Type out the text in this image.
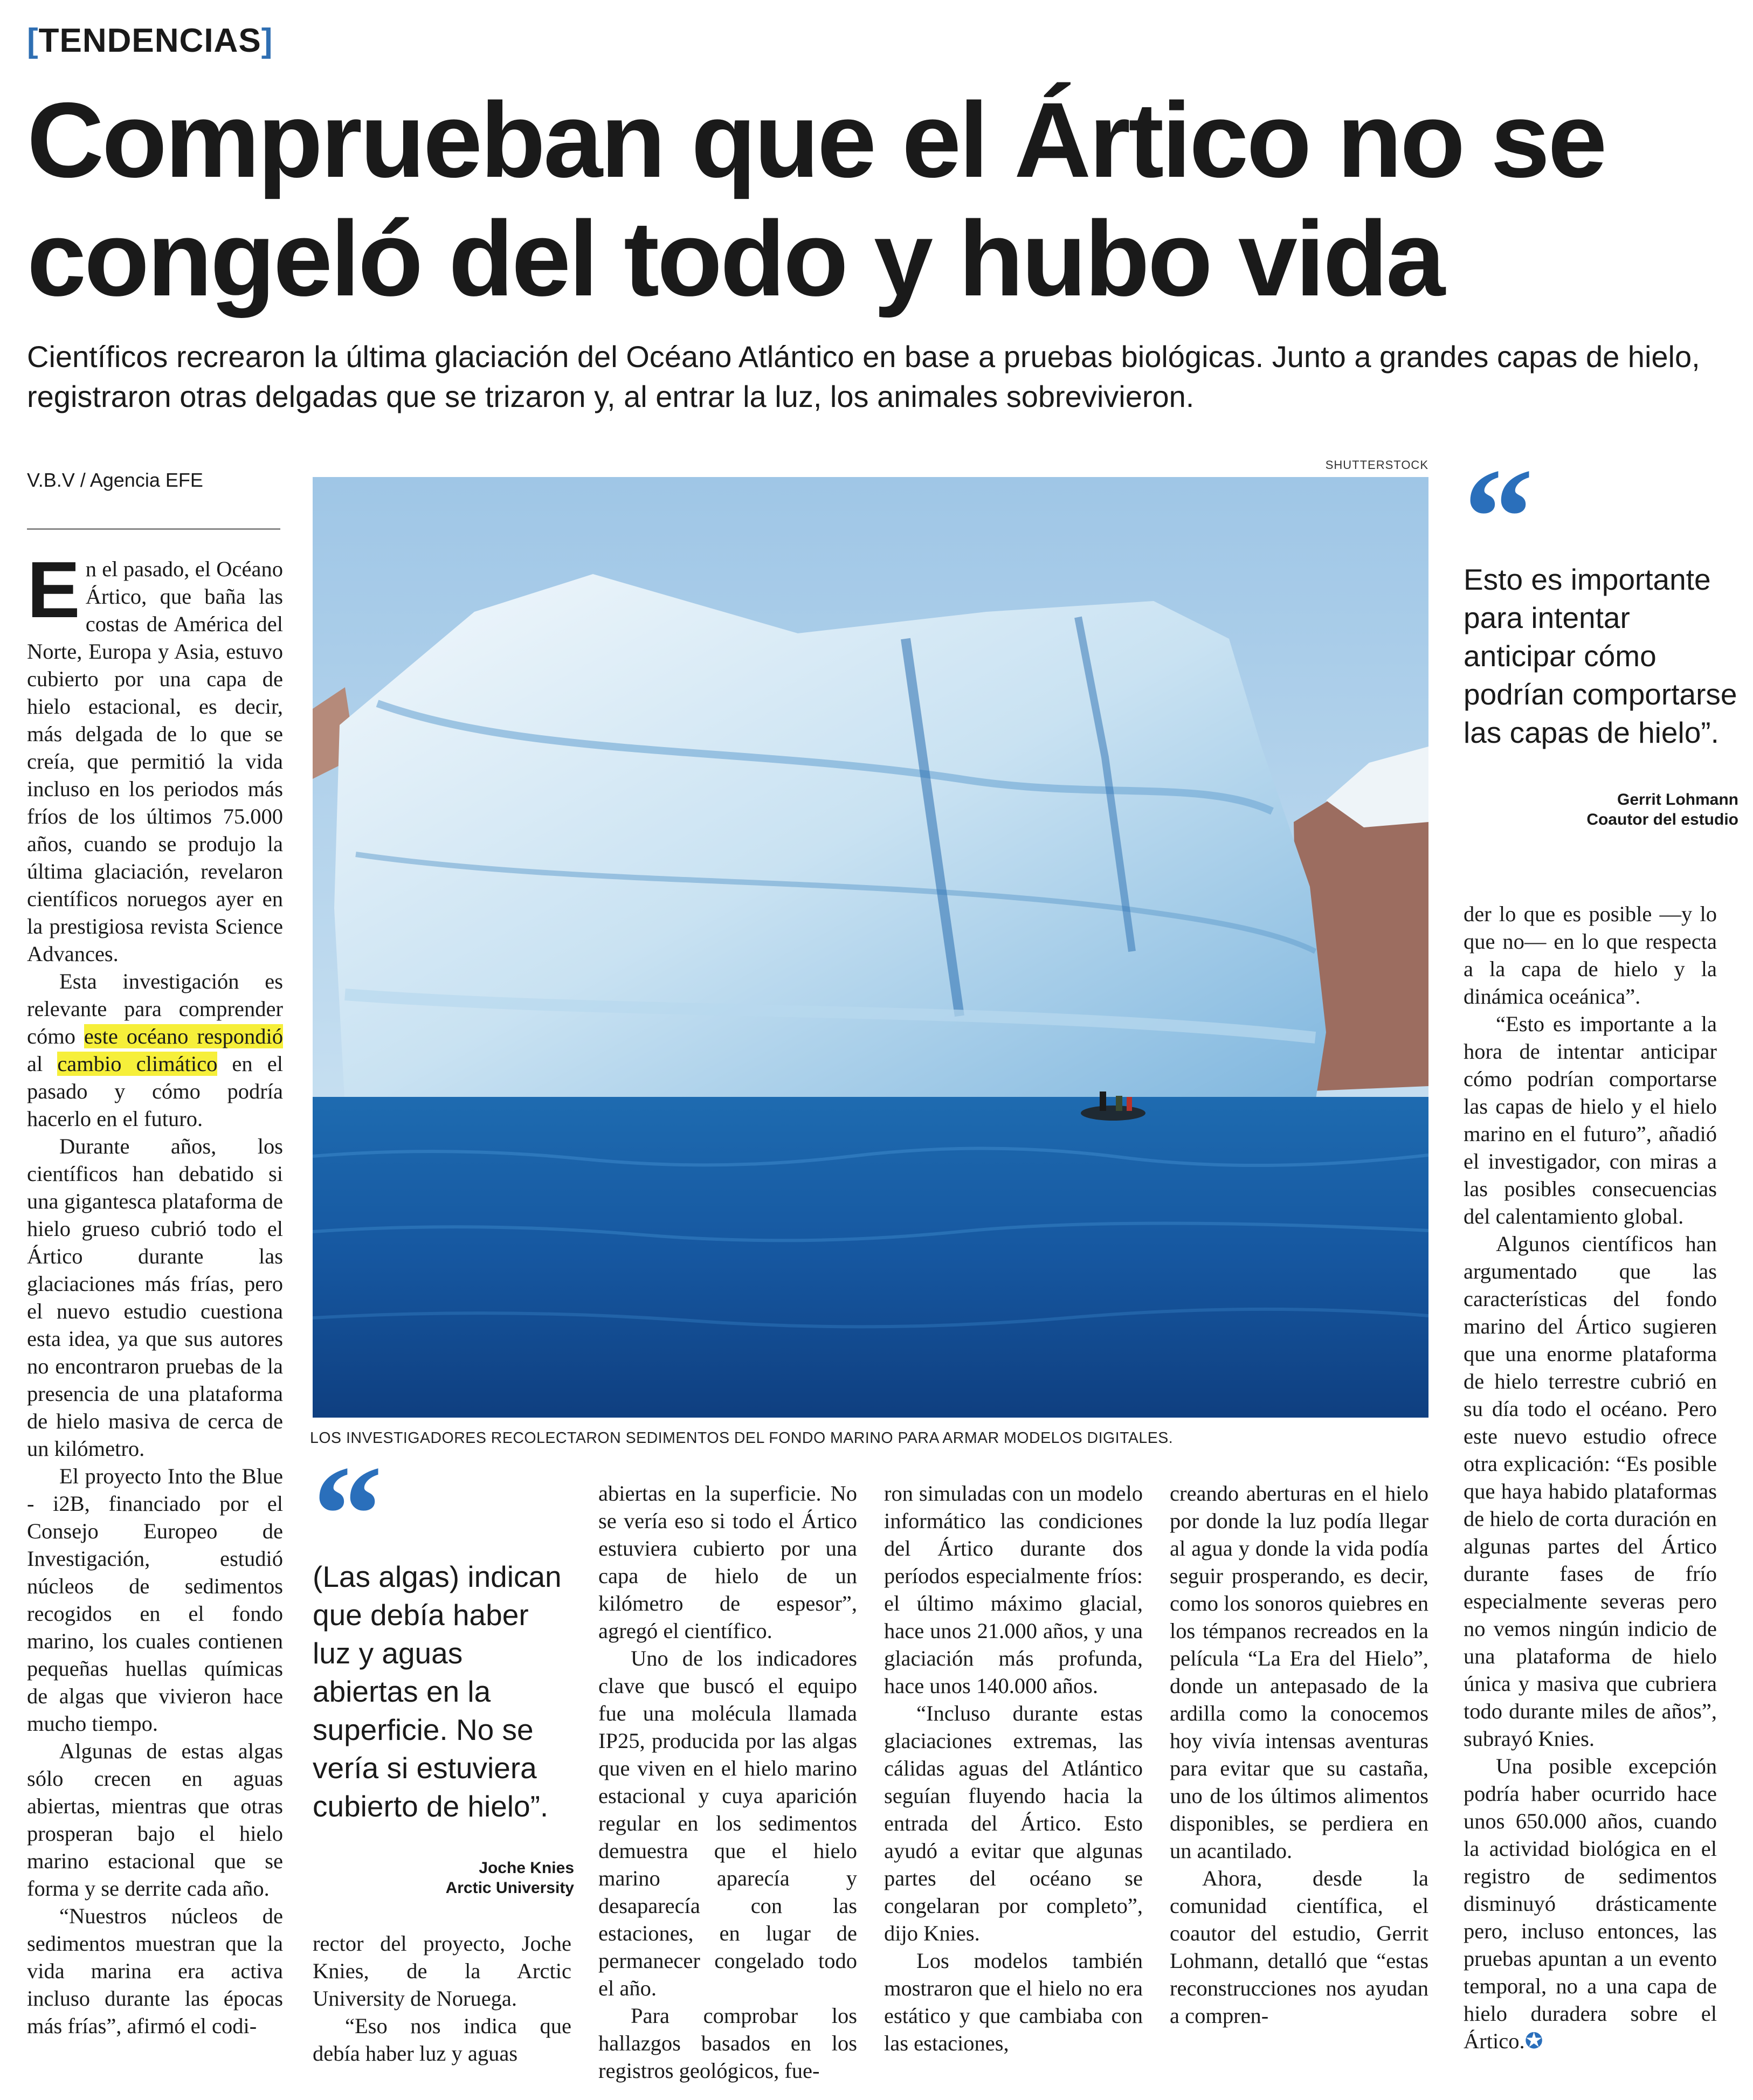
[TENDENCIAS]
Comprueban que el Ártico no se
congeló del todo y hubo vida
Científicos recrearon la última glaciación del Océano Atlántico en base a pruebas biológicas. Junto a grandes capas de hielo, registraron otras delgadas que se trizaron y, al entrar la luz, los animales sobrevivieron.
V.B.V / Agencia EFE

En el pasado, el Océano Ártico, que baña las costas de América del Norte, Europa y Asia, estuvo cubierto por una capa de hielo estacional, es decir, más delgada de lo que se creía, que permitió la vida incluso en los periodos más fríos de los últimos 75.000 años, cuando se produjo la última glaciación, revelaron científicos noruegos ayer en la prestigiosa revista Science Advances.

Esta investigación es relevante para comprender cómo este océano respondió al cambio climático en el pasado y cómo podría hacerlo en el futuro.

Durante años, los científicos han debatido si una gigantesca plataforma de hielo grueso cubrió todo el Ártico durante las glaciaciones más frías, pero el nuevo estudio cuestiona esta idea, ya que sus autores no encontraron pruebas de la presencia de una plataforma de hielo masiva de cerca de un kilómetro.

El proyecto Into the Blue - i2B, financiado por el Consejo Europeo de Investigación, estudió núcleos de sedimentos recogidos en el fondo marino, los cuales contienen pequeñas huellas químicas de algas que vivieron hace mucho tiempo.

Algunas de estas algas sólo crecen en aguas abiertas, mientras que otras prosperan bajo el hielo marino estacional que se forma y se derrite cada año.

“Nuestros núcleos de sedimentos muestran que la vida marina era activa incluso durante las épocas más frías”, afirmó el codi-

SHUTTERSTOCK
LOS INVESTIGADORES RECOLECTARON SEDIMENTOS DEL FONDO MARINO PARA ARMAR MODELOS DIGITALES.
“
Esto es importante para intentar anticipar cómo podrían comportarse las capas de hielo”.
Gerrit Lohmann
Coautor del estudio
“
(Las algas) indican que debía haber luz y aguas abiertas en la superficie. No se vería si estuviera cubierto de hielo”.
Joche Knies
Arctic University

rector del proyecto, Joche Knies, de la Arctic University de Noruega.

“Eso nos indica que debía haber luz y aguas

abiertas en la superficie. No se vería eso si todo el Ártico estuviera cubierto por una capa de hielo de un kilómetro de espesor”, agregó el científico.

Uno de los indicadores clave que buscó el equipo fue una molécula llamada IP25, producida por las algas que viven en el hielo marino estacional y cuya aparición regular en los sedimentos demuestra que el hielo marino aparecía y desaparecía con las estaciones, en lugar de permanecer congelado todo el año.

Para comprobar los hallazgos basados en los registros geológicos, fue-

ron simuladas con un modelo informático las condiciones del Ártico durante dos períodos especialmente fríos: el último máximo glacial, hace unos 21.000 años, y una glaciación más profunda, hace unos 140.000 años.

“Incluso durante estas glaciaciones extremas, las cálidas aguas del Atlántico seguían fluyendo hacia la entrada del Ártico. Esto ayudó a evitar que algunas partes del océano se congelaran por completo”, dijo Knies.

Los modelos también mostraron que el hielo no era estático y que cambiaba con las estaciones,

creando aberturas en el hielo por donde la luz podía llegar al agua y donde la vida podía seguir prosperando, es decir, como los sonoros quiebres en los témpanos recreados en la película “La Era del Hielo”, donde un antepasado de la ardilla como la conocemos hoy vivía intensas aventuras para evitar que su castaña, uno de los últimos alimentos disponibles, se perdiera en un acantilado.

Ahora, desde la comunidad científica, el coautor del estudio, Gerrit Lohmann, detalló que “estas reconstrucciones nos ayudan a compren-

der lo que es posible —y lo que no— en lo que respecta a la capa de hielo y la dinámica oceánica”.

“Esto es importante a la hora de intentar anticipar cómo podrían comportarse las capas de hielo y el hielo marino en el futuro”, añadió el investigador, con miras a las posibles consecuencias del calentamiento global.

Algunos científicos han argumentado que las características del fondo marino del Ártico sugieren que una enorme plataforma de hielo terrestre cubrió en su día todo el océano. Pero este nuevo estudio ofrece otra explicación: “Es posible que haya habido plataformas de hielo de corta duración en algunas partes del Ártico durante fases de frío especialmente severas pero no vemos ningún indicio de una plataforma de hielo única y masiva que cubriera todo durante miles de años”, subrayó Knies.

Una posible excepción podría haber ocurrido hace unos 650.000 años, cuando la actividad biológica en el registro de sedimentos disminuyó drásticamente pero, incluso entonces, las pruebas apuntan a un evento temporal, no a una capa de hielo duradera sobre el Ártico.✪
